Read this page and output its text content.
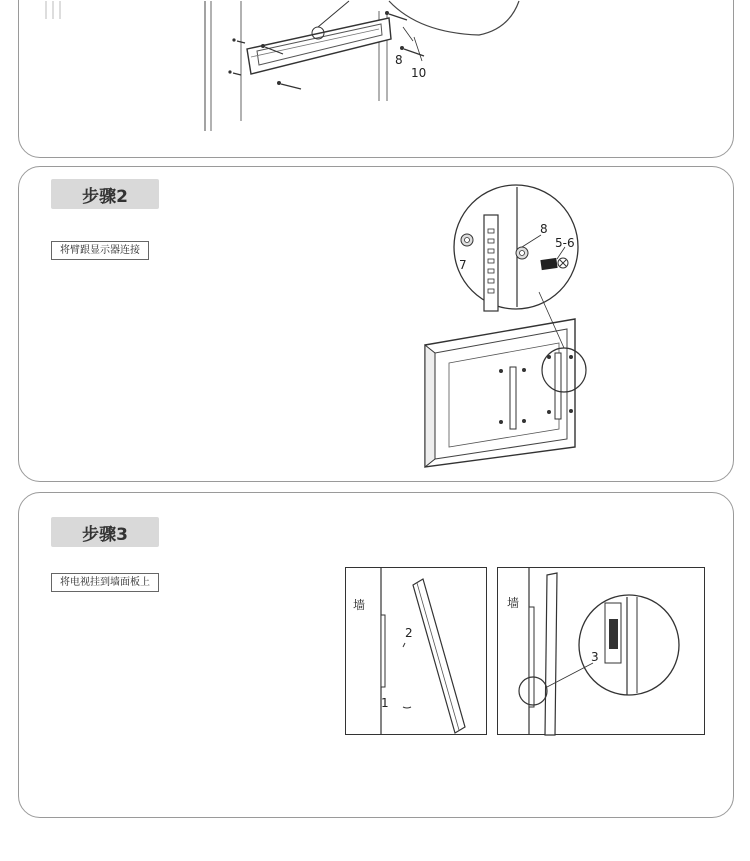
8
10
步骤2
将臂跟显示器连接
7
8
5-6
步骤3
将电视挂到墙面板上
墙
2
1
墙
3
